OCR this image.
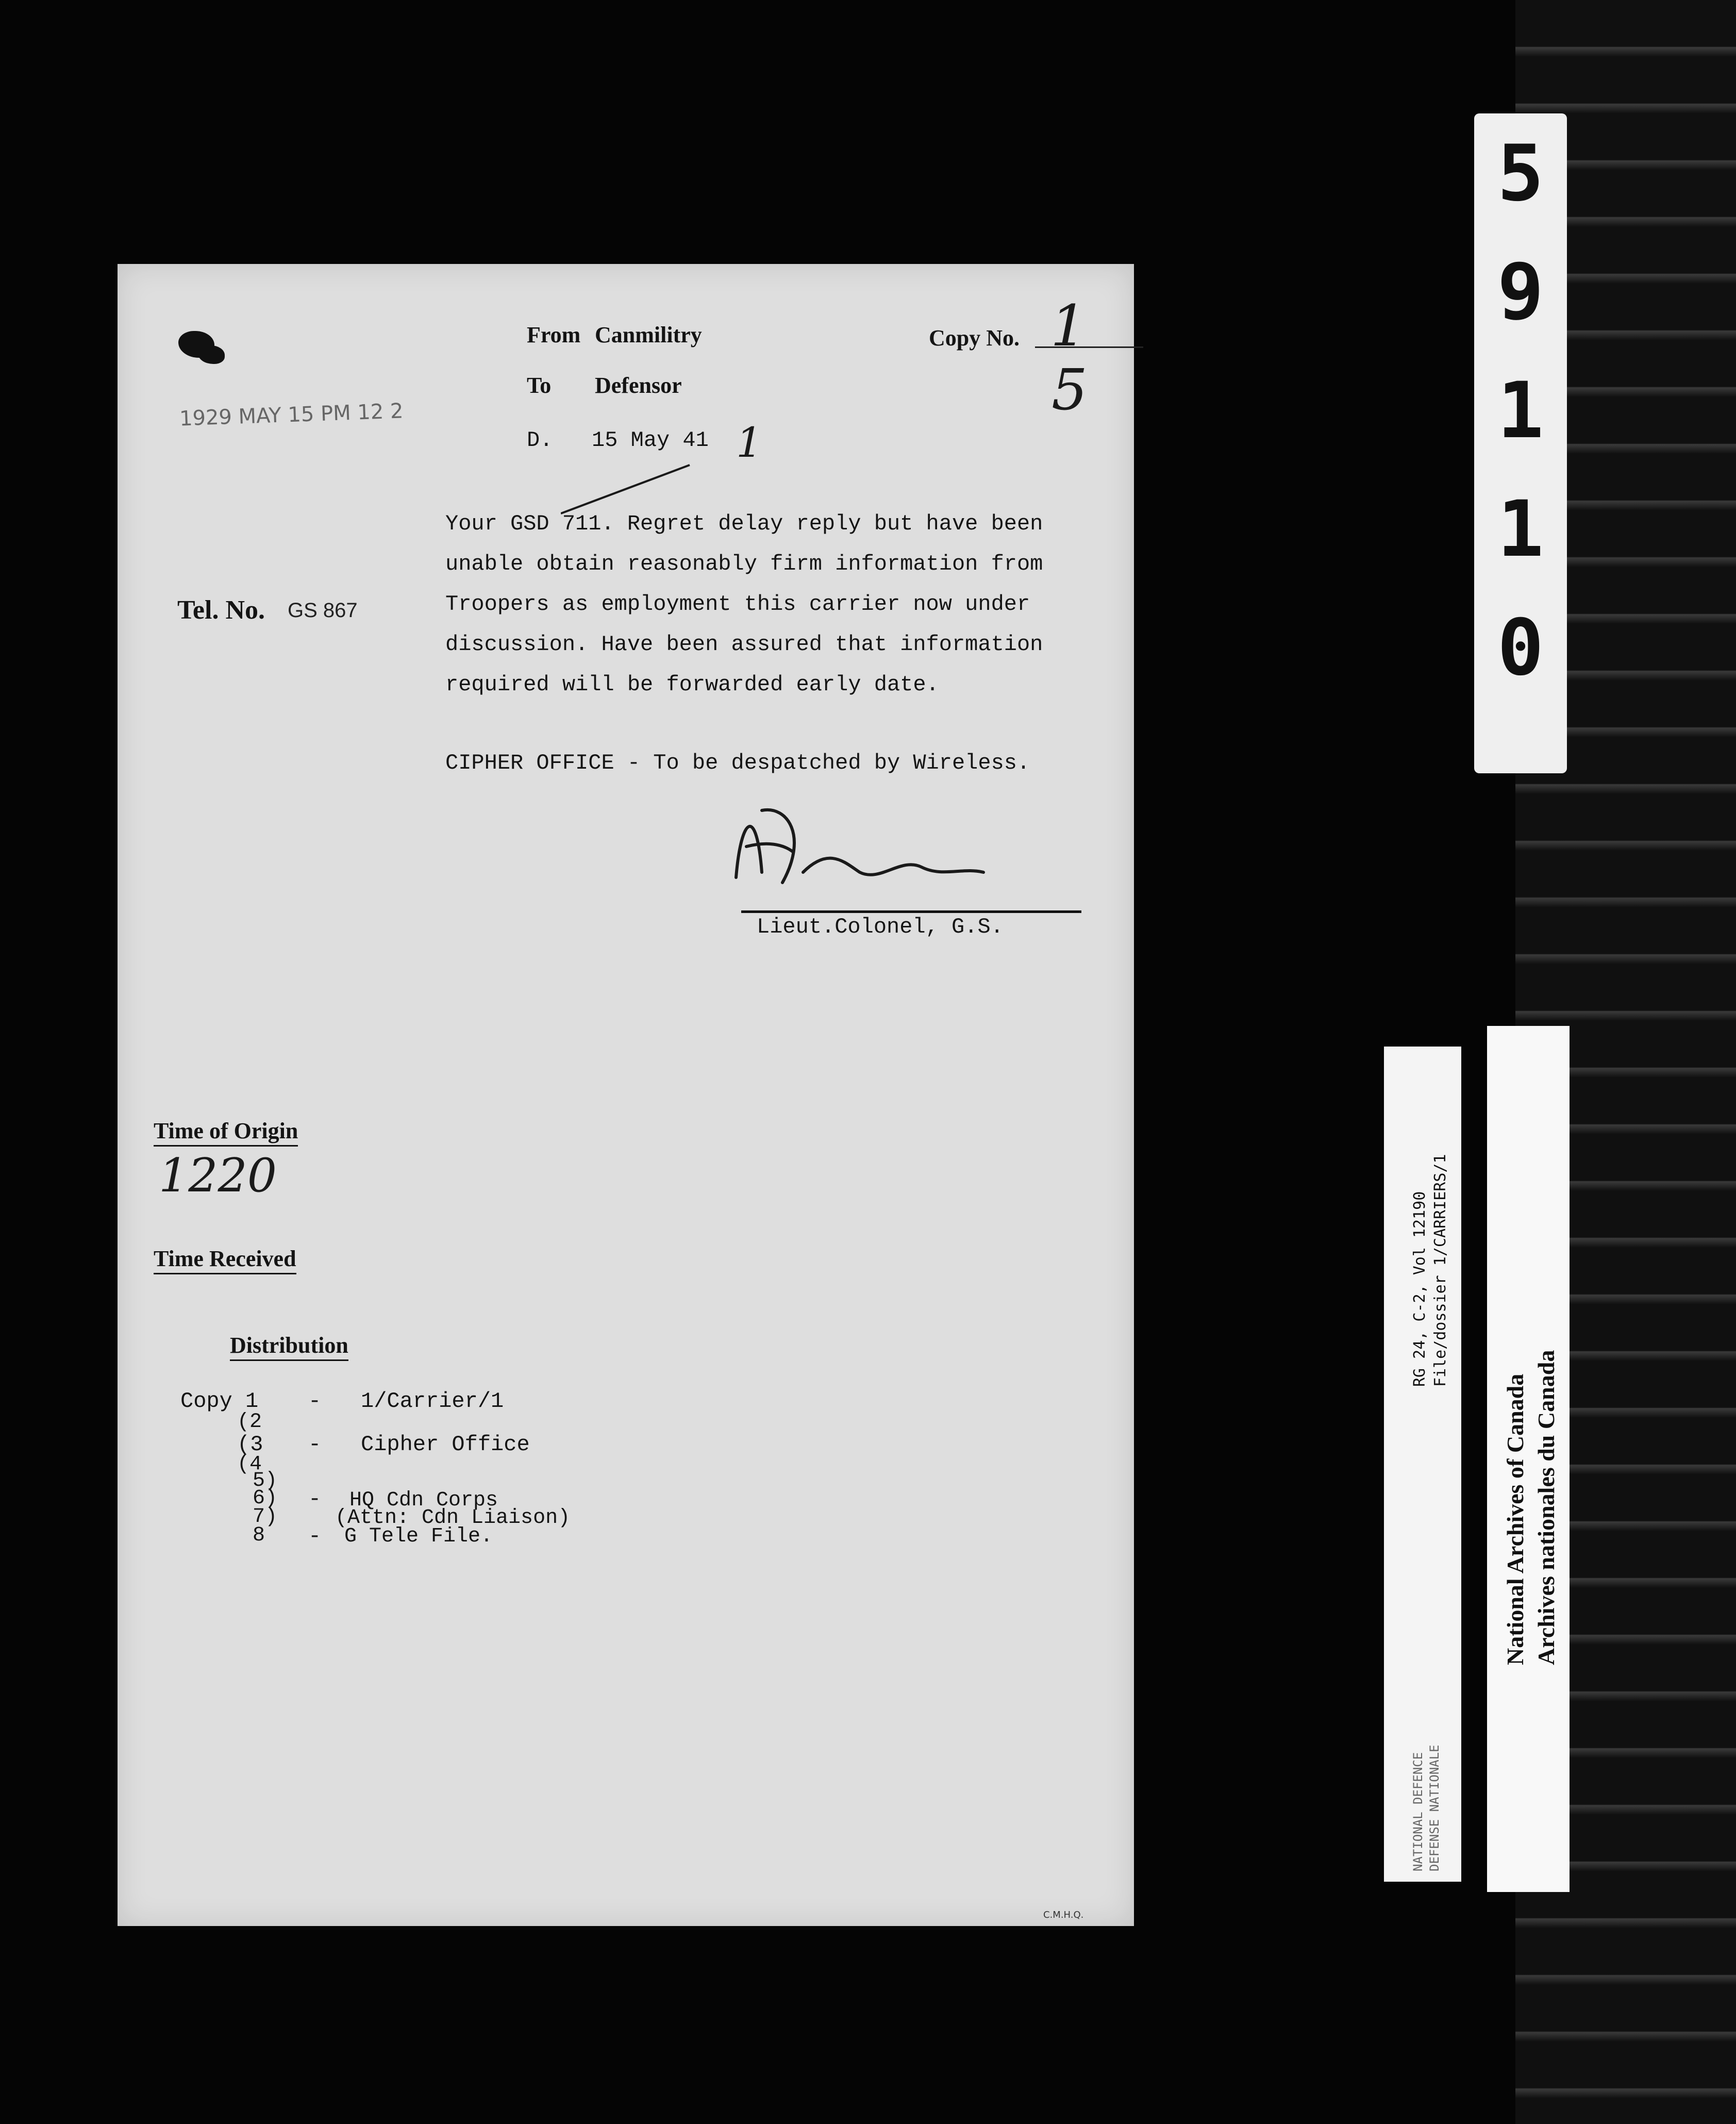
5
9
1
1
0
1929 MAY 15 PM 12 2
From Canmilitry
To Defensor
D. 15 May 41 1
Copy No. 1
5
Tel. No. GS 867
Your GSD 711. Regret delay reply but have been
unable obtain reasonably firm information from
Troopers as employment this carrier now under
discussion. Have been assured that information
required will be forwarded early date.
CIPHER OFFICE - To be despatched by Wireless.
Lieut.Colonel, G.S.
Time of Origin
1220
Time Received
Distribution
Copy 1 - 1/Carrier/1
(2
(3 - Cipher Office
(4
5)
6) - HQ Cdn Corps
7)	(Attn: Cdn Liaison)
8 - G Tele File.
C.M.H.Q.
RG 24, C-2, Vol 12190 File/dossier 1/CARRIERS/1
NATIONAL DEFENCE DEFENSE NATIONALE
National Archives of Canada Archives nationales du Canada
